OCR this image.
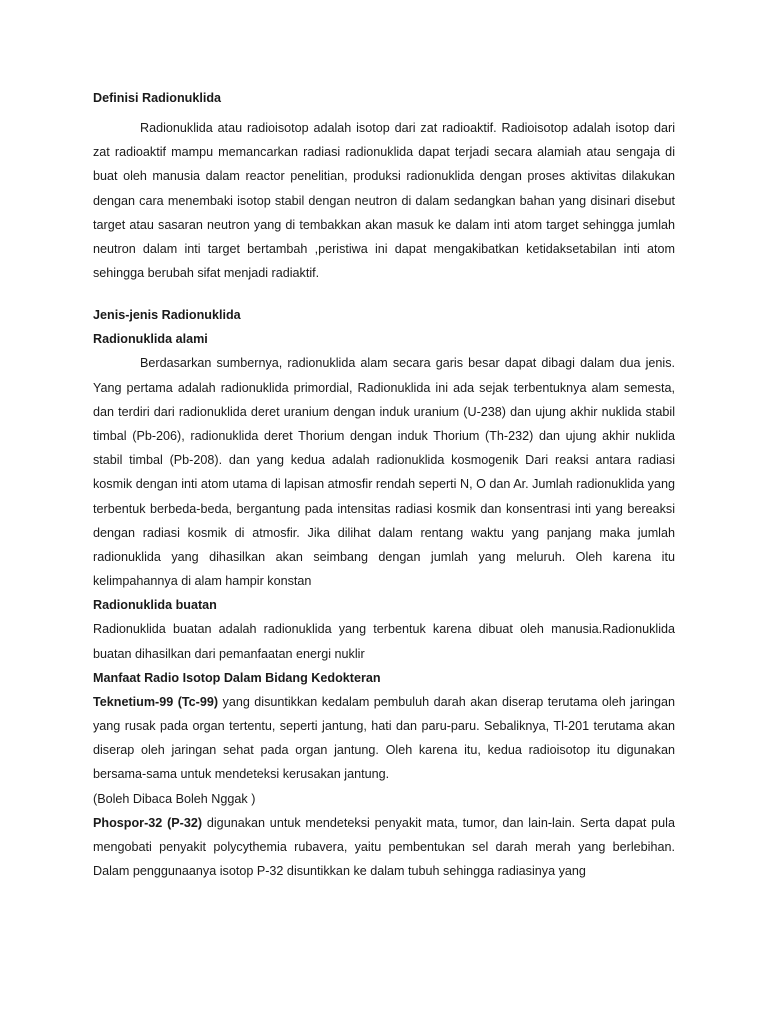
Definisi Radionuklida

Radionuklida atau radioisotop adalah isotop dari zat radioaktif. Radioisotop adalah isotop dari zat radioaktif mampu memancarkan radiasi radionuklida dapat terjadi secara alamiah atau sengaja di buat oleh manusia dalam reactor penelitian, produksi radionuklida dengan proses aktivitas dilakukan dengan cara menembaki isotop stabil dengan neutron di dalam sedangkan bahan yang disinari disebut target atau sasaran neutron yang di tembakkan akan masuk ke dalam inti atom target sehingga jumlah neutron dalam inti target bertambah ,peristiwa ini dapat mengakibatkan ketidaksetabilan inti atom sehingga berubah sifat menjadi radiaktif.

Jenis-jenis Radionuklida

Radionuklida alami

Berdasarkan sumbernya, radionuklida alam secara garis besar dapat dibagi dalam dua jenis. Yang pertama adalah radionuklida primordial, Radionuklida ini ada sejak terbentuknya alam semesta, dan terdiri dari radionuklida deret uranium dengan induk uranium (U-238) dan ujung akhir nuklida stabil timbal (Pb-206), radionuklida deret Thorium dengan induk Thorium (Th-232) dan ujung akhir nuklida stabil timbal (Pb-208). dan yang kedua adalah radionuklida kosmogenik Dari reaksi antara radiasi kosmik dengan inti atom utama di lapisan atmosfir rendah seperti N, O dan Ar. Jumlah radionuklida yang terbentuk berbeda-beda, bergantung pada intensitas radiasi kosmik dan konsentrasi inti yang bereaksi dengan radiasi kosmik di atmosfir. Jika dilihat dalam rentang waktu yang panjang maka jumlah radionuklida yang dihasilkan akan seimbang dengan jumlah yang meluruh. Oleh karena itu kelimpahannya di alam hampir konstan

Radionuklida buatan

Radionuklida buatan adalah radionuklida yang terbentuk karena dibuat oleh manusia.Radionuklida buatan dihasilkan dari pemanfaatan energi nuklir

Manfaat Radio Isotop Dalam Bidang Kedokteran

Teknetium-99 (Tc-99) yang disuntikkan kedalam pembuluh darah akan diserap terutama oleh jaringan yang rusak pada organ tertentu, seperti jantung, hati dan paru-paru. Sebaliknya, Tl-201 terutama akan diserap oleh jaringan sehat pada organ jantung. Oleh karena itu, kedua radioisotop itu digunakan bersama-sama untuk mendeteksi kerusakan jantung.

(Boleh Dibaca Boleh Nggak )

Phospor-32 (P-32) digunakan untuk mendeteksi penyakit mata, tumor, dan lain-lain. Serta dapat pula mengobati penyakit polycythemia rubavera, yaitu pembentukan sel darah merah yang berlebihan. Dalam penggunaanya isotop P-32 disuntikkan ke dalam tubuh sehingga radiasinya yang
